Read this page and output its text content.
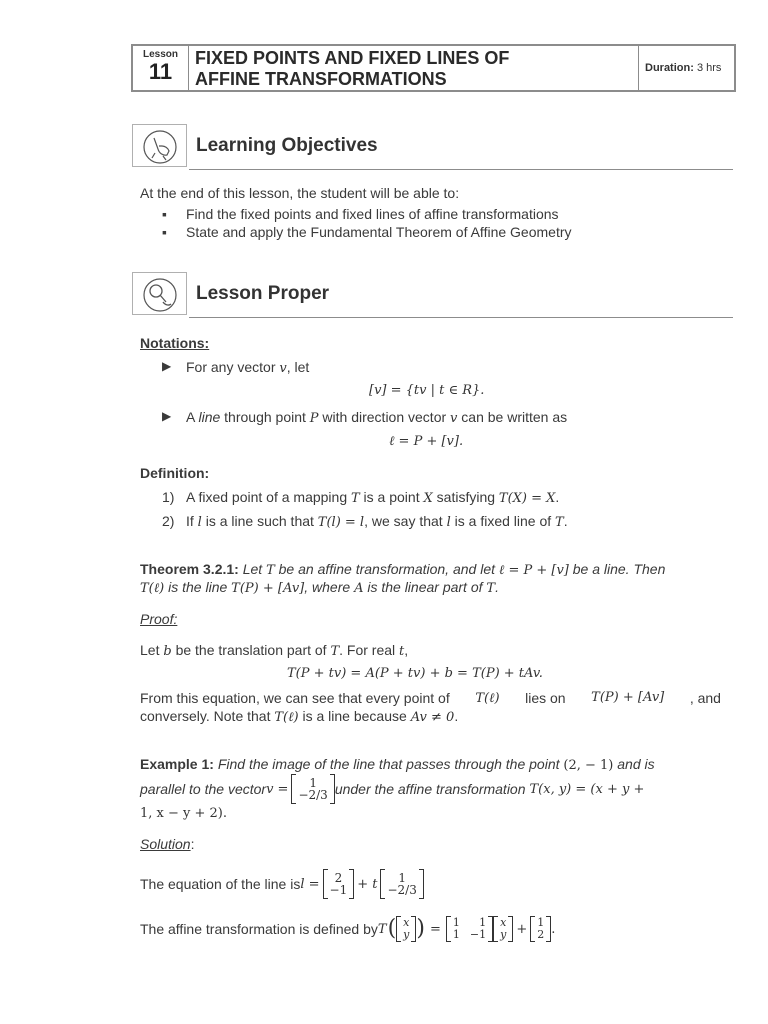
Lesson
11
FIXED POINTS AND FIXED LINES OF
AFFINE TRANSFORMATIONS
Duration: 3 hrs
Learning Objectives
At the end of this lesson, the student will be able to:
▪ Find the fixed points and fixed lines of affine transformations
▪ State and apply the Fundamental Theorem of Affine Geometry
Lesson Proper
Notations:
▶ For any vector v, let
[v] = {tv | t ∈ R}.
▶ A line through point P with direction vector v can be written as
ℓ = P + [v].
Definition:
1) A fixed point of a mapping T is a point X satisfying T(X) = X.
2) If l is a line such that T(l) = l, we say that l is a fixed line of T.
Theorem 3.2.1: Let T be an affine transformation, and let ℓ = P + [v] be a line. Then
T(ℓ) is the line T(P) + [Av], where A is the linear part of T.
Proof:
Let b be the translation part of T. For real t,
T(P + tv) = A(P + tv) + b = T(P) + tAv.
From this equation, we can see that every point of T(ℓ) lies on T(P) + [Av] , and
conversely. Note that T(ℓ) is a line because Av ≠ 0.
Example 1: Find the image of the line that passes through the point (2, − 1) and is
parallel to the vector v = 1
−2/3 under the affine transformation T(x, y) = (x + y +
1, x − y + 2).
Solution:
The equation of the line is l = 2
−1 + t 1
−2/3
The affine transformation is defined by T ( x
y ) = 1	1
1 −1
x
y + 1
2 .
